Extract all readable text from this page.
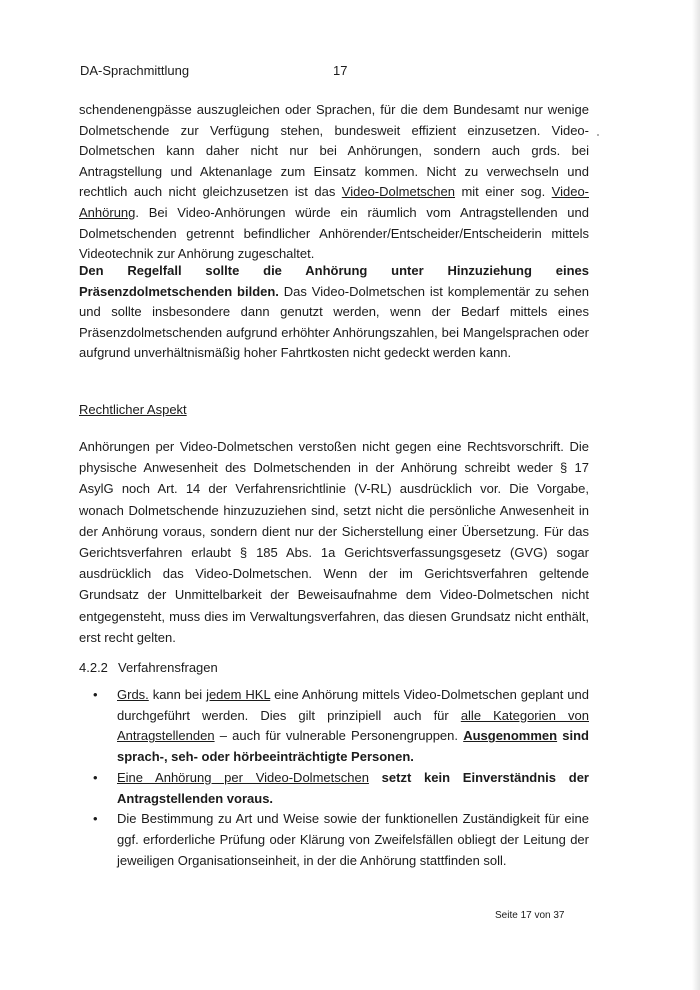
DA-Sprachmittlung	17

schendenengpässe auszugleichen oder Sprachen, für die dem Bundesamt nur wenige Dolmetschende zur Verfügung stehen, bundesweit effizient einzusetzen. Video-Dolmetschen kann daher nicht nur bei Anhörungen, sondern auch grds. bei Antragstellung und Aktenanlage zum Einsatz kommen. Nicht zu verwechseln und rechtlich auch nicht gleichzusetzen ist das Video-Dolmetschen mit einer sog. Video-Anhörung. Bei Video-Anhörungen würde ein räumlich vom Antragstellenden und Dolmetschenden getrennt befindlicher Anhörender/Entscheider/Entscheiderin mittels Videotechnik zur Anhörung zugeschaltet.

Den Regelfall sollte die Anhörung unter Hinzuziehung eines Präsenzdolmetschenden bilden. Das Video-Dolmetschen ist komplementär zu sehen und sollte insbesondere dann genutzt werden, wenn der Bedarf mittels eines Präsenzdolmetschenden aufgrund erhöhter Anhörungszahlen, bei Mangelsprachen oder aufgrund unverhältnismäßig hoher Fahrtkosten nicht gedeckt werden kann.

Rechtlicher Aspekt

Anhörungen per Video-Dolmetschen verstoßen nicht gegen eine Rechtsvorschrift. Die physische Anwesenheit des Dolmetschenden in der Anhörung schreibt weder § 17 AsylG noch Art. 14 der Verfahrensrichtlinie (V-RL) ausdrücklich vor. Die Vorgabe, wonach Dolmetschende hinzuzuziehen sind, setzt nicht die persönliche Anwesenheit in der Anhörung voraus, sondern dient nur der Sicherstellung einer Übersetzung. Für das Gerichtsverfahren erlaubt § 185 Abs. 1a Gerichtsverfassungsgesetz (GVG) sogar ausdrücklich das Video-Dolmetschen. Wenn der im Gerichtsverfahren geltende Grundsatz der Unmittelbarkeit der Beweisaufnahme dem Video-Dolmetschen nicht entgegensteht, muss dies im Verwaltungsverfahren, das diesen Grundsatz nicht enthält, erst recht gelten.

4.2.2 Verfahrensfragen
• Grds. kann bei jedem HKL eine Anhörung mittels Video-Dolmetschen geplant und durchgeführt werden. Dies gilt prinzipiell auch für alle Kategorien von Antragstellenden – auch für vulnerable Personengruppen. Ausgenommen sind sprach-, seh- oder hörbeeinträchtigte Personen.
• Eine Anhörung per Video-Dolmetschen setzt kein Einverständnis der Antragstellenden voraus.
• Die Bestimmung zu Art und Weise sowie der funktionellen Zuständigkeit für eine ggf. erforderliche Prüfung oder Klärung von Zweifelsfällen obliegt der Leitung der jeweiligen Organisationseinheit, in der die Anhörung stattfinden soll.
Seite 17 von 37
